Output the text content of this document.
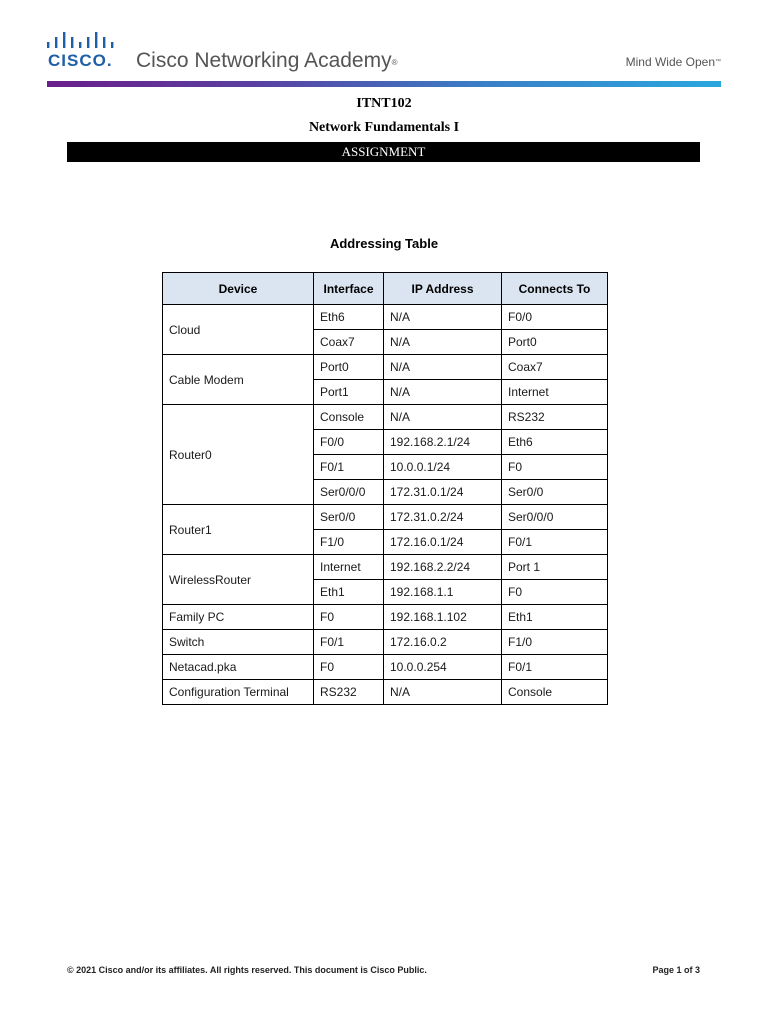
CISCO. Cisco Networking Academy®	Mind Wide Open™
ITNT102
Network Fundamentals I
ASSIGNMENT
Addressing Table
Device	Interface	IP Address	Connects To
Cloud	Eth6	N/A	F0/0
	Coax7	N/A	Port0
Cable Modem	Port0	N/A	Coax7
	Port1	N/A	Internet
Router0	Console	N/A	RS232
	F0/0	192.168.2.1/24	Eth6
	F0/1	10.0.0.1/24	F0
	Ser0/0/0	172.31.0.1/24	Ser0/0
Router1	Ser0/0	172.31.0.2/24	Ser0/0/0
	F1/0	172.16.0.1/24	F0/1
WirelessRouter	Internet	192.168.2.2/24	Port 1
	Eth1	192.168.1.1	F0
Family PC	F0	192.168.1.102	Eth1
Switch	F0/1	172.16.0.2	F1/0
Netacad.pka	F0	10.0.0.254	F0/1
Configuration Terminal	RS232	N/A	Console
© 2021 Cisco and/or its affiliates. All rights reserved. This document is Cisco Public.	Page 1 of 3
